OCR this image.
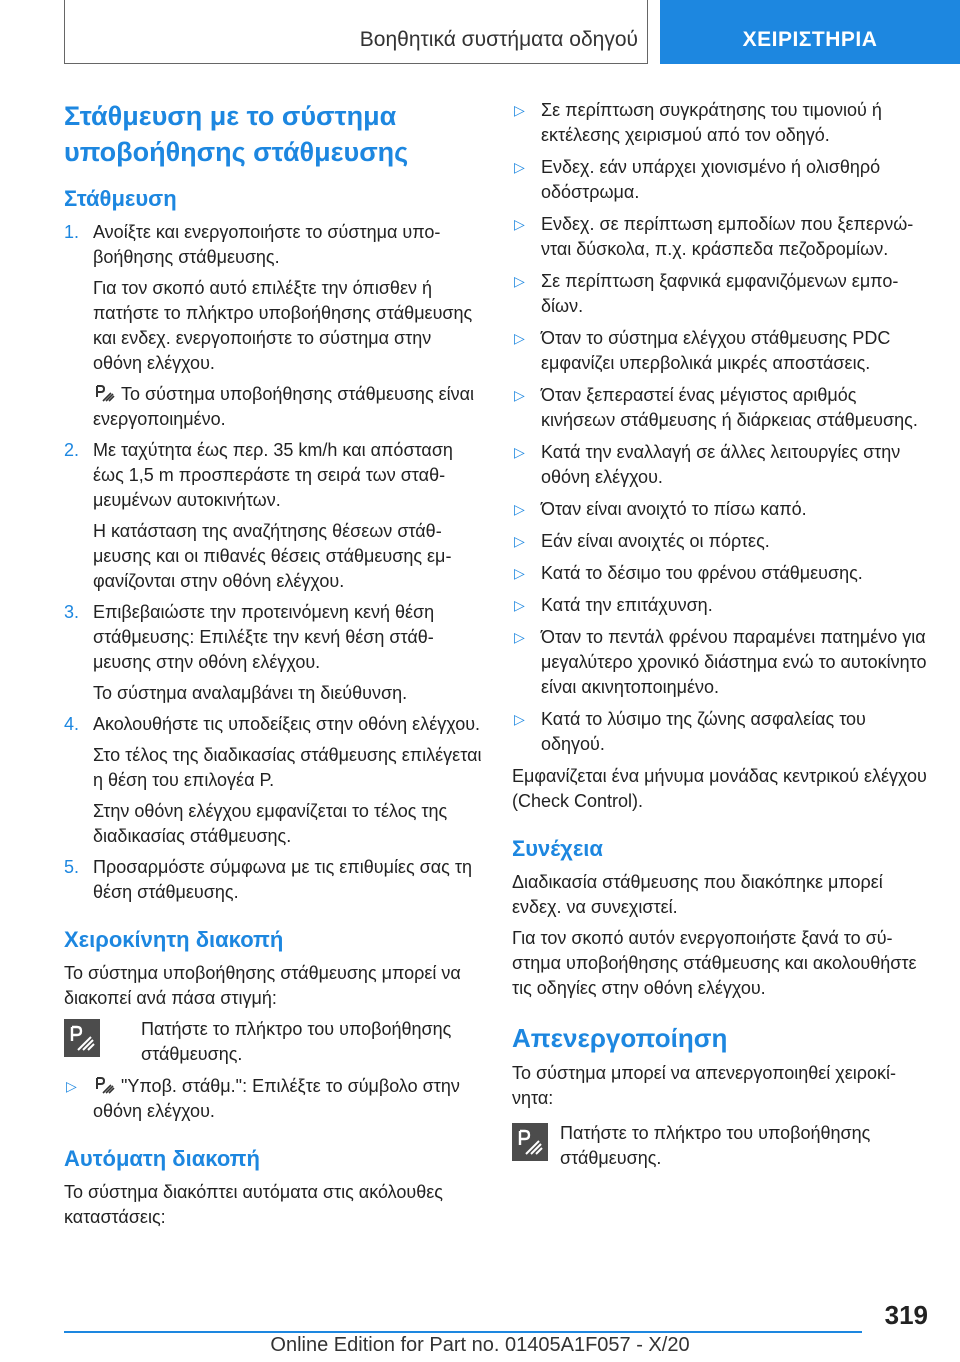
Βοηθητικά συστήματα οδηγού	ΧΕΙΡΙΣΤΗΡΙΑ
Στάθμευση με το σύστημα υποβοήθησης στάθμευσης
Στάθμευση
1. Ανοίξτε και ενεργοποιήστε το σύστημα υποβοήθησης στάθμευσης.

Για τον σκοπό αυτό επιλέξτε την όπισθεν ή πατήστε το πλήκτρο υποβοήθησης στάθμευσης και ενδεχ. ενεργοποιήστε το σύστημα στην οθόνη ελέγχου.

Το σύστημα υποβοήθησης στάθμευσης είναι ενεργοποιημένο.

2. Με ταχύτητα έως περ. 35 km/h και απόσταση έως 1,5 m προσπεράστε τη σειρά των σταθμευμένων αυτοκινήτων.

Η κατάσταση της αναζήτησης θέσεων στάθμευσης και οι πιθανές θέσεις στάθμευσης εμφανίζονται στην οθόνη ελέγχου.

3. Επιβεβαιώστε την προτεινόμενη κενή θέση στάθμευσης: Επιλέξτε την κενή θέση στάθμευσης στην οθόνη ελέγχου.

Το σύστημα αναλαμβάνει τη διεύθυνση.

4. Ακολουθήστε τις υποδείξεις στην οθόνη ελέγχου.

Στο τέλος της διαδικασίας στάθμευσης επιλέγεται η θέση του επιλογέα P.

Στην οθόνη ελέγχου εμφανίζεται το τέλος της διαδικασίας στάθμευσης.

5. Προσαρμόστε σύμφωνα με τις επιθυμίες σας τη θέση στάθμευσης.

Χειροκίνητη διακοπή

Το σύστημα υποβοήθησης στάθμευσης μπορεί να διακοπεί ανά πάσα στιγμή:

Πατήστε το πλήκτρο του υποβοήθησης στάθμευσης.
▷ "Υποβ. στάθμ.": Επιλέξτε το σύμβολο στην οθόνη ελέγχου.
Αυτόματη διακοπή

Το σύστημα διακόπτει αυτόματα στις ακόλουθες καταστάσεις:

▷ Σε περίπτωση συγκράτησης του τιμονιού ή εκτέλεσης χειρισμού από τον οδηγό.
▷ Ενδεχ. εάν υπάρχει χιονισμένο ή ολισθηρό οδόστρωμα.
▷ Ενδεχ. σε περίπτωση εμποδίων που ξεπερνώνται δύσκολα, π.χ. κράσπεδα πεζοδρομίων.
▷ Σε περίπτωση ξαφνικά εμφανιζόμενων εμποδίων.
▷ Όταν το σύστημα ελέγχου στάθμευσης PDC εμφανίζει υπερβολικά μικρές αποστάσεις.
▷ Όταν ξεπεραστεί ένας μέγιστος αριθμός κινήσεων στάθμευσης ή διάρκειας στάθμευσης.
▷ Κατά την εναλλαγή σε άλλες λειτουργίες στην οθόνη ελέγχου.
▷ Όταν είναι ανοιχτό το πίσω καπό.
▷ Εάν είναι ανοιχτές οι πόρτες.
▷ Κατά το δέσιμο του φρένου στάθμευσης.
▷ Κατά την επιτάχυνση.
▷ Όταν το πεντάλ φρένου παραμένει πατημένο για μεγαλύτερο χρονικό διάστημα ενώ το αυτοκίνητο είναι ακινητοποιημένο.
▷ Κατά το λύσιμο της ζώνης ασφαλείας του οδηγού.

Εμφανίζεται ένα μήνυμα μονάδας κεντρικού ελέγχου (Check Control).

Συνέχεια

Διαδικασία στάθμευσης που διακόπηκε μπορεί ενδεχ. να συνεχιστεί.

Για τον σκοπό αυτόν ενεργοποιήστε ξανά το σύστημα υποβοήθησης στάθμευσης και ακολουθήστε τις οδηγίες στην οθόνη ελέγχου.

Απενεργοποίηση

Το σύστημα μπορεί να απενεργοποιηθεί χειροκίνητα:

Πατήστε το πλήκτρο του υποβοήθησης στάθμευσης.

319
Online Edition for Part no. 01405A1F057 - X/20
